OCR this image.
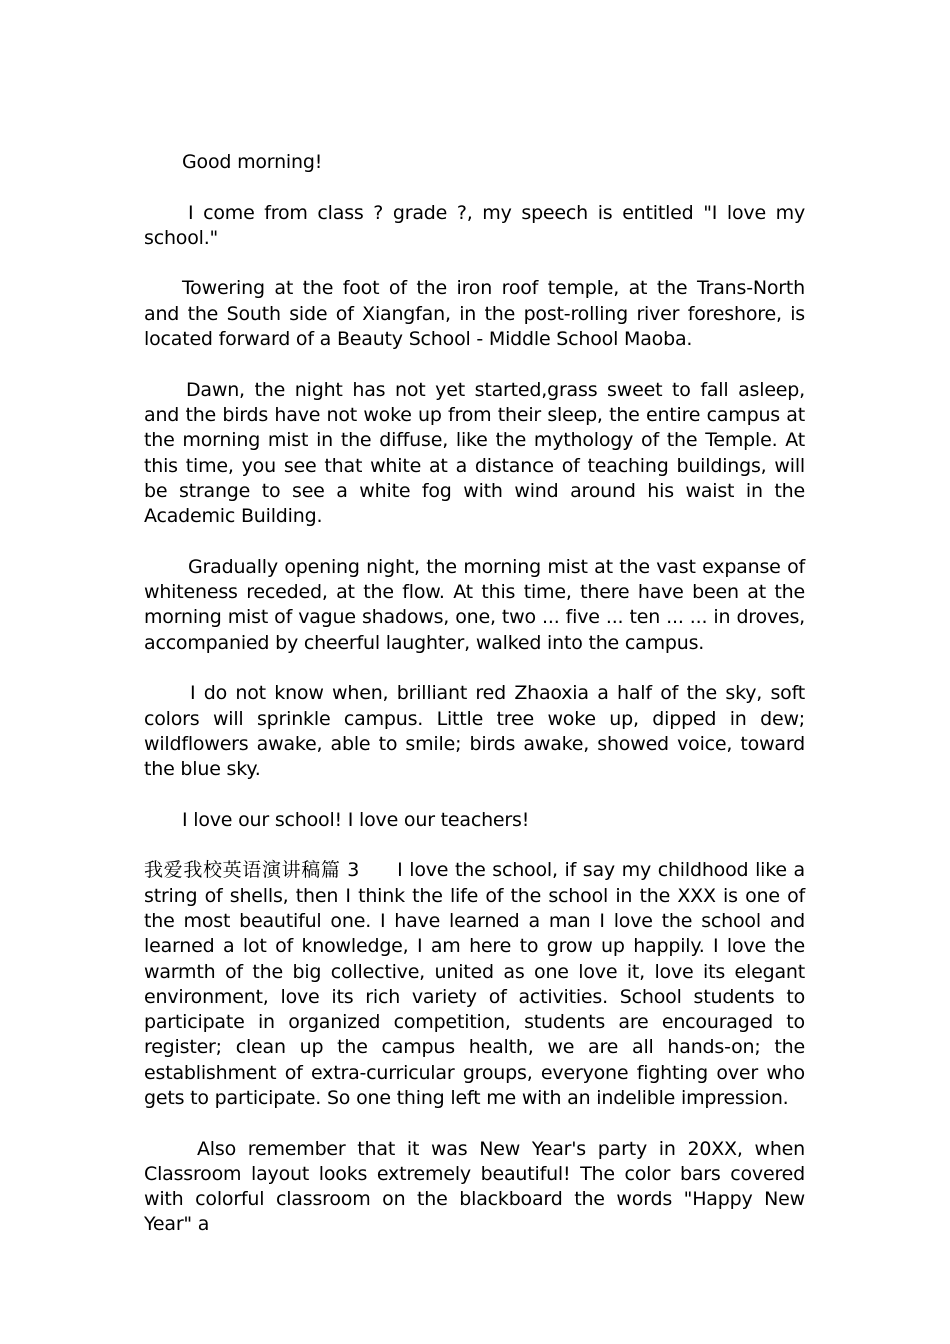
Good morning!

I come from class ? grade ?, my speech is entitled "I love my school."

Towering at the foot of the iron roof temple, at the Trans-North and the South side of Xiangfan, in the post-rolling river foreshore, is located forward of a Beauty School - Middle School Maoba.

Dawn, the night has not yet started,grass sweet to fall asleep, and the birds have not woke up from their sleep, the entire campus at the morning mist in the diffuse, like the mythology of the Temple. At this time, you see that white at a distance of teaching buildings, will be strange to see a white fog with wind around his waist in the Academic Building.

Gradually opening night, the morning mist at the vast expanse of whiteness receded, at the flow. At this time, there have been at the morning mist of vague shadows, one, two ... five ... ten ... ... in droves, accompanied by cheerful laughter, walked into the campus.

I do not know when, brilliant red Zhaoxia a half of the sky, soft colors will sprinkle campus. Little tree woke up, dipped in dew; wildflowers awake, able to smile; birds awake, showed voice, toward the blue sky.

I love our school! I love our teachers!

我爱我校英语演讲稿篇 3 I love the school, if say my childhood like a string of shells, then I think the life of the school in the XXX is one of the most beautiful one. I have learned a man I love the school and learned a lot of knowledge, I am here to grow up happily. I love the warmth of the big collective, united as one love it, love its elegant environment, love its rich variety of activities. School students to participate in organized competition, students are encouraged to register; clean up the campus health, we are all hands-on; the establishment of extra-curricular groups, everyone fighting over who gets to participate. So one thing left me with an indelible impression.

Also remember that it was New Year's party in 20XX, when Classroom layout looks extremely beautiful! The color bars covered with colorful classroom on the blackboard the words "Happy New Year" a
